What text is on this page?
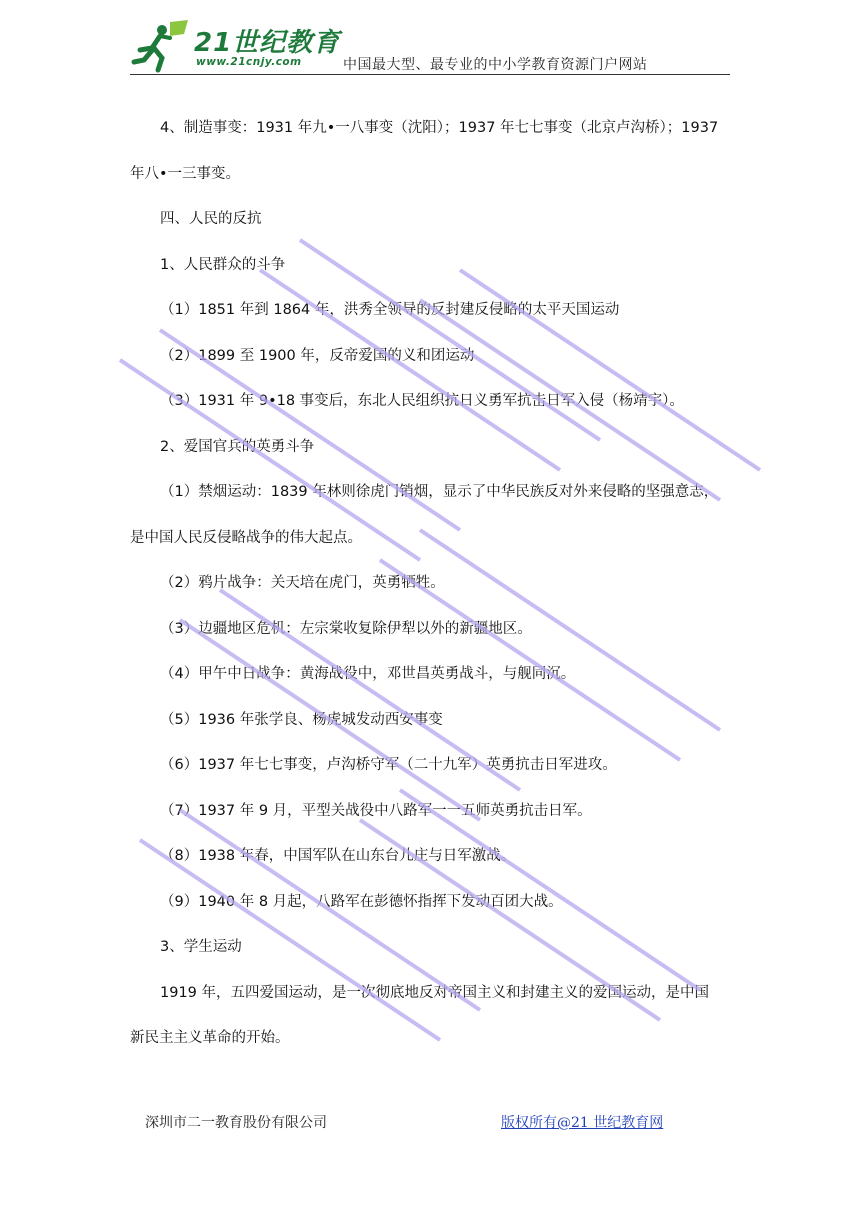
21世纪教育
www.21cnjy.com	中国最大型、最专业的中小学教育资源门户网站

4、制造事变：1931 年九•一八事变（沈阳）；1937 年七七事变（北京卢沟桥）；1937

年八•一三事变。

四、人民的反抗

1、人民群众的斗争

（1）1851 年到 1864 年，洪秀全领导的反封建反侵略的太平天国运动

（2）1899 至 1900 年，反帝爱国的义和团运动

（3）1931 年 9•18 事变后，东北人民组织抗日义勇军抗击日军入侵（杨靖宇）。

2、爱国官兵的英勇斗争

（1）禁烟运动：1839 年林则徐虎门销烟，显示了中华民族反对外来侵略的坚强意志，

是中国人民反侵略战争的伟大起点。

（2）鸦片战争：关天培在虎门，英勇牺牲。

（3）边疆地区危机：左宗棠收复除伊犁以外的新疆地区。

（4）甲午中日战争：黄海战役中，邓世昌英勇战斗，与舰同沉。

（5）1936 年张学良、杨虎城发动西安事变

（6）1937 年七七事变，卢沟桥守军（二十九军）英勇抗击日军进攻。

（7）1937 年 9 月，平型关战役中八路军一一五师英勇抗击日军。

（8）1938 年春，中国军队在山东台儿庄与日军激战。

（9）1940 年 8 月起，八路军在彭德怀指挥下发动百团大战。

3、学生运动

1919 年，五四爱国运动，是一次彻底地反对帝国主义和封建主义的爱国运动，是中国

新民主主义革命的开始。

深圳市二一教育股份有限公司	版权所有@21 世纪教育网
